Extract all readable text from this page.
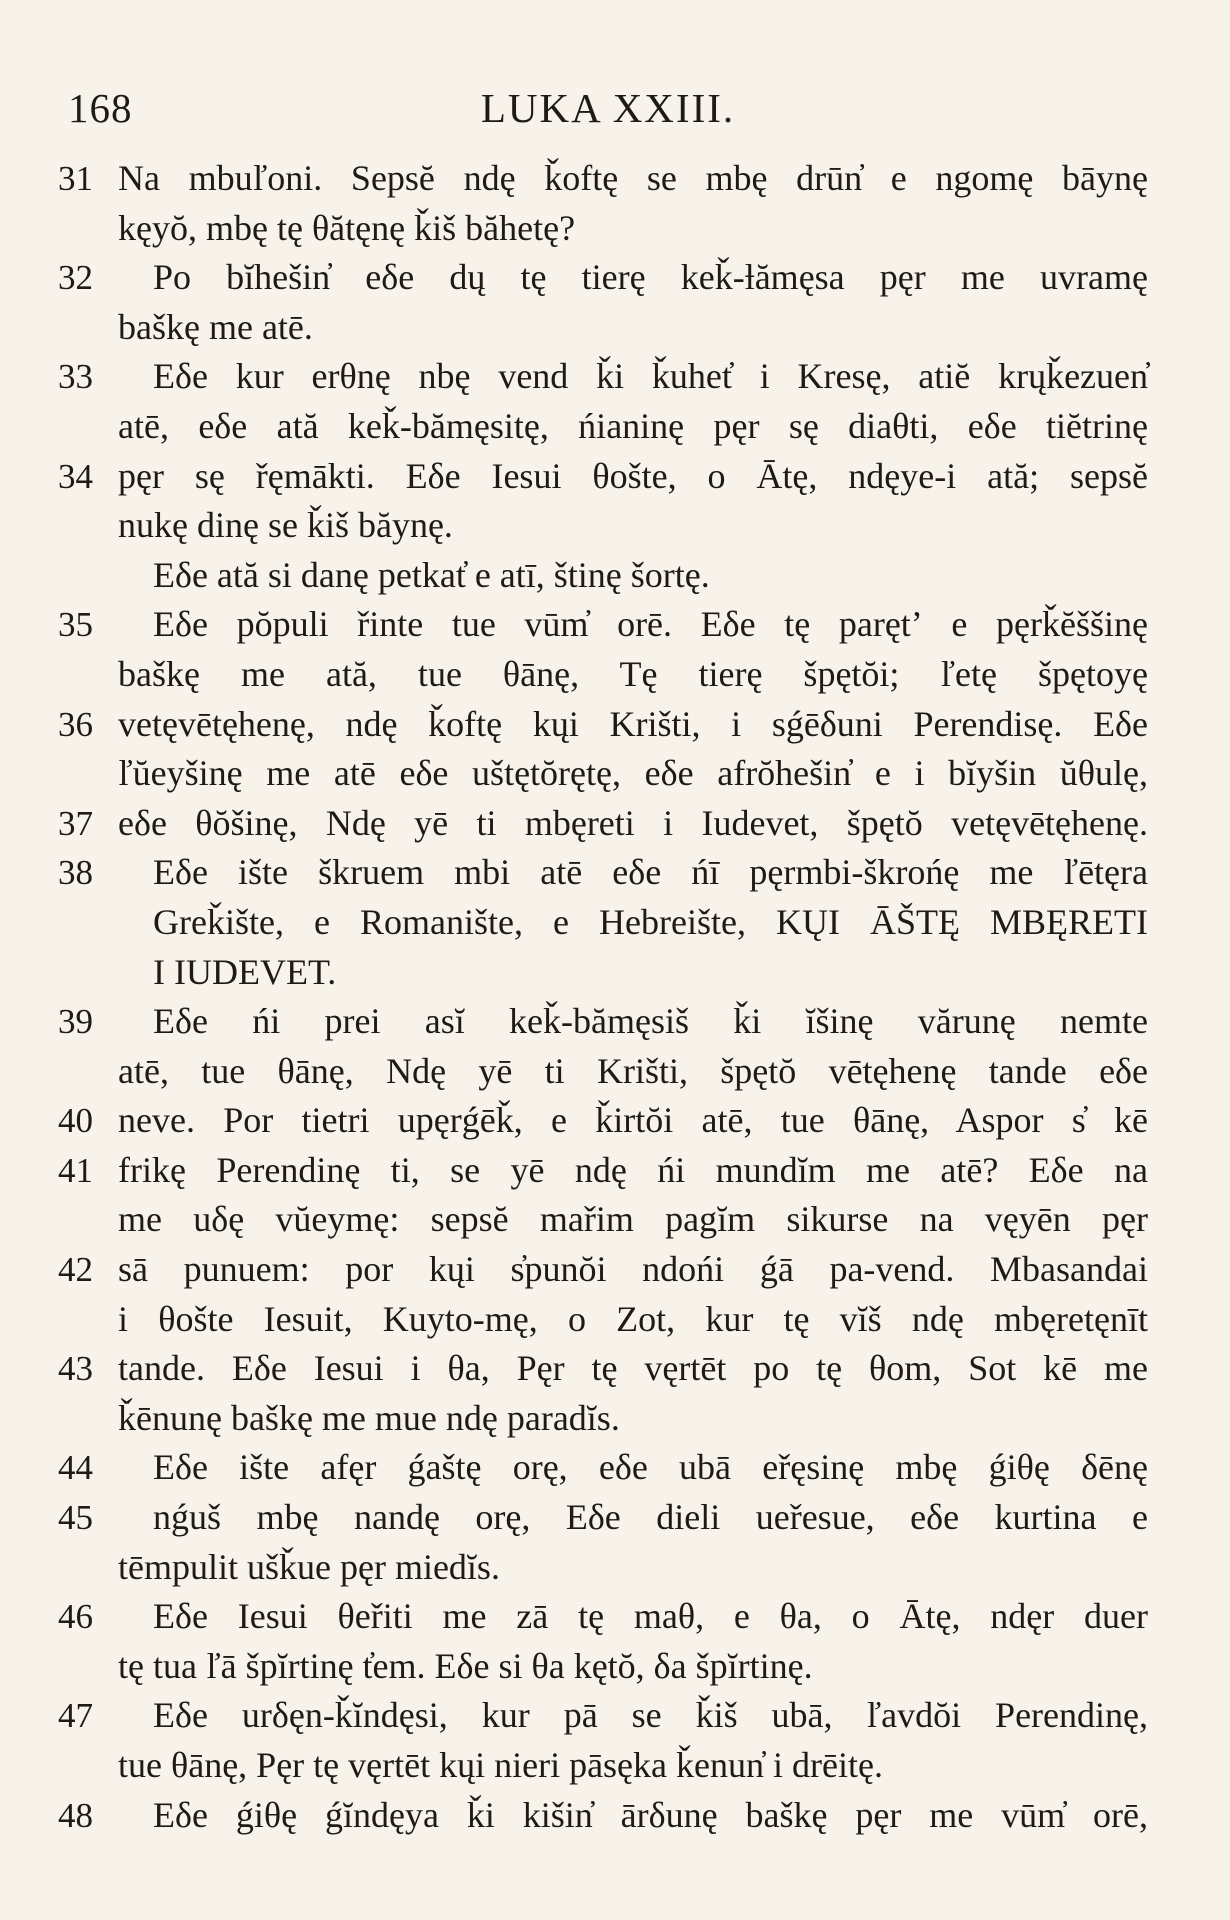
168	LUKA XXIII.
31 Na mbuľoni. Sepsĕ ndę ǩoftę se mbę drūn̓ e ngomę bāynę
kęyŏ, mbę tę θătęnę ǩiš băhetę?
32	Po bĭhešin̓ eδe dų tę tierę keǩ-ƚămęsa pęr me uvramę
baškę me atē.
33	Eδe kur erθnę nbę vend ǩi ǩuhet̓ i Kresę, atiĕ krųǩezuen̓
atē, eδe ată keǩ-bămęsitę, ńianinę pęr sę diaθti, eδe tiĕtrinę
34 pęr sę řęmākti. Eδe Iesui θošte, o Ātę, ndęye-i ată; sepsĕ
nukę dinę se ǩiš băynę.
Eδe ată si danę petkat̓ e atī, štinę šortę.
35	Eδe pŏpuli řinte tue vūm̓ orē. Eδe tę parętʼ e pęrǩĕššinę
baškę me ată, tue θānę, Tę tierę špętŏi; ľetę špętoyę
36 vetęvētęhenę, ndę ǩoftę kųi Krišti, i sǵēδuni Perendisę. Eδe
ľŭeyšinę me atē eδe uštętŏrętę, eδe afrŏhešin̓ e i bĭyšin ŭθulę,
37 eδe θŏšinę, Ndę yē ti mbęreti i Iudevet, špętŏ vetęvētęhenę.
38	Eδe ište škruem mbi atē eδe ńī pęrmbi-škrońę me ľētęra
Greǩište, e Romanište, e Hebreište, KŲI ĀŠTĘ MBĘRETI
I IUDEVET.
39	Eδe ńi prei asĭ keǩ-bămęsiš ǩi ĭšinę vărunę nemte
atē, tue θānę, Ndę yē ti Krišti, špętŏ vētęhenę tande eδe
40 neve. Por tietri upęrǵēǩ, e ǩirtŏi atē, tue θānę, Aspor s̓ kē
41 frikę Perendinę ti, se yē ndę ńi mundĭm me atē? Eδe na
me uδę vŭeymę: sepsĕ mařim pagĭm sikurse na vęyēn pęr
42 sā punuem: por kųi s̓punŏi ndońi ǵā pa-vend. Mbasandai
i θošte Iesuit, Kuyto-mę, o Zot, kur tę vĭš ndę mbęretęnīt
43 tande. Eδe Iesui i θa, Pęr tę vęrtēt po tę θom, Sot kē me
ǩēnunę baškę me mue ndę paradĭs.
44	Eδe ište afęr ǵaštę orę, eδe ubā eřęsinę mbę ǵiθę δēnę
45	nǵuš mbę nandę orę, Eδe dieli ueřesue, eδe kurtina e
tēmpulit ušǩue pęr miedĭs.
46	Eδe Iesui θeřiti me zā tę maθ, e θa, o Ātę, ndęr duer
tę tua ľā špĭrtinę t̓em. Eδe si θa kętŏ, δa špĭrtinę.
47	Eδe urδęn-ǩĭndęsi, kur pā se ǩiš ubā, ľavdŏi Perendinę,
tue θānę, Pęr tę vęrtēt kųi nieri pāsęka ǩenun̓ i drēitę.
48	Eδe ǵiθę ǵĭndęya ǩi kišin̓ ārδunę baškę pęr me vūm̓ orē,
